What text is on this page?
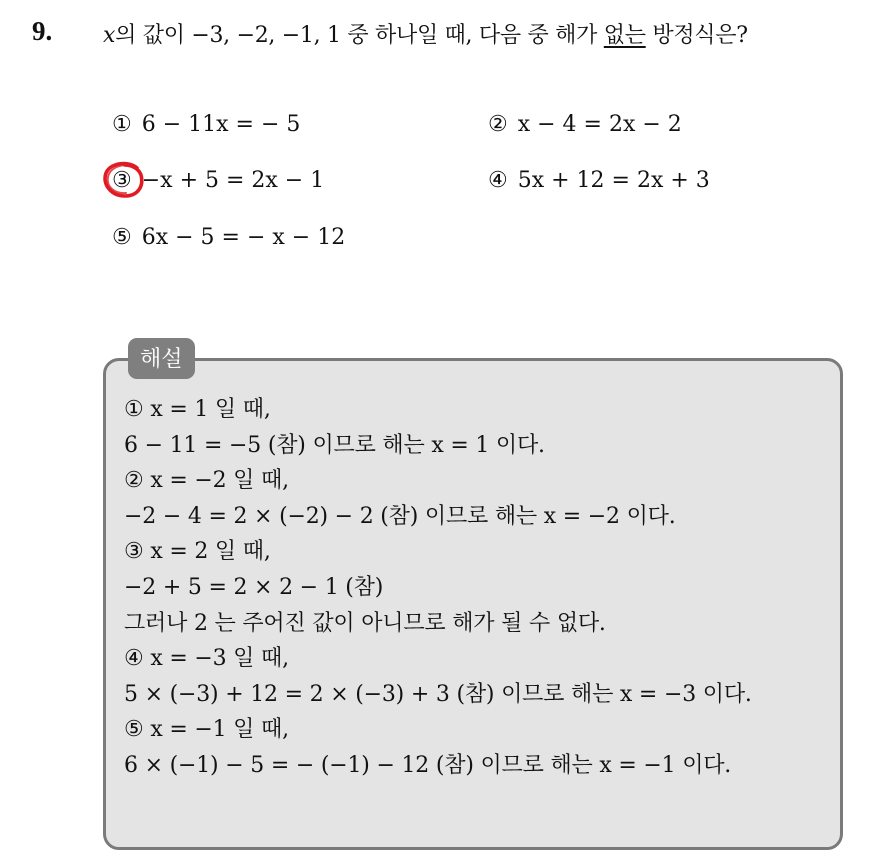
9. x의 값이 −3, −2, −1, 1 중 하나일 때, 다음 중 해가 없는 방정식은?
① 6 − 11x = − 5	② x − 4 = 2x − 2
③ −x + 5 = 2x − 1	④ 5x + 12 = 2x + 3
⑤ 6x − 5 = − x − 12
해설
① x = 1 일 때,
6 − 11 = −5 (참) 이므로 해는 x = 1 이다.
② x = −2 일 때,
−2 − 4 = 2 × (−2) − 2 (참) 이므로 해는 x = −2 이다.
③ x = 2 일 때,
−2 + 5 = 2 × 2 − 1 (참)
그러나 2 는 주어진 값이 아니므로 해가 될 수 없다.
④ x = −3 일 때,
5 × (−3) + 12 = 2 × (−3) + 3 (참) 이므로 해는 x = −3 이다.
⑤ x = −1 일 때,
6 × (−1) − 5 = − (−1) − 12 (참) 이므로 해는 x = −1 이다.
